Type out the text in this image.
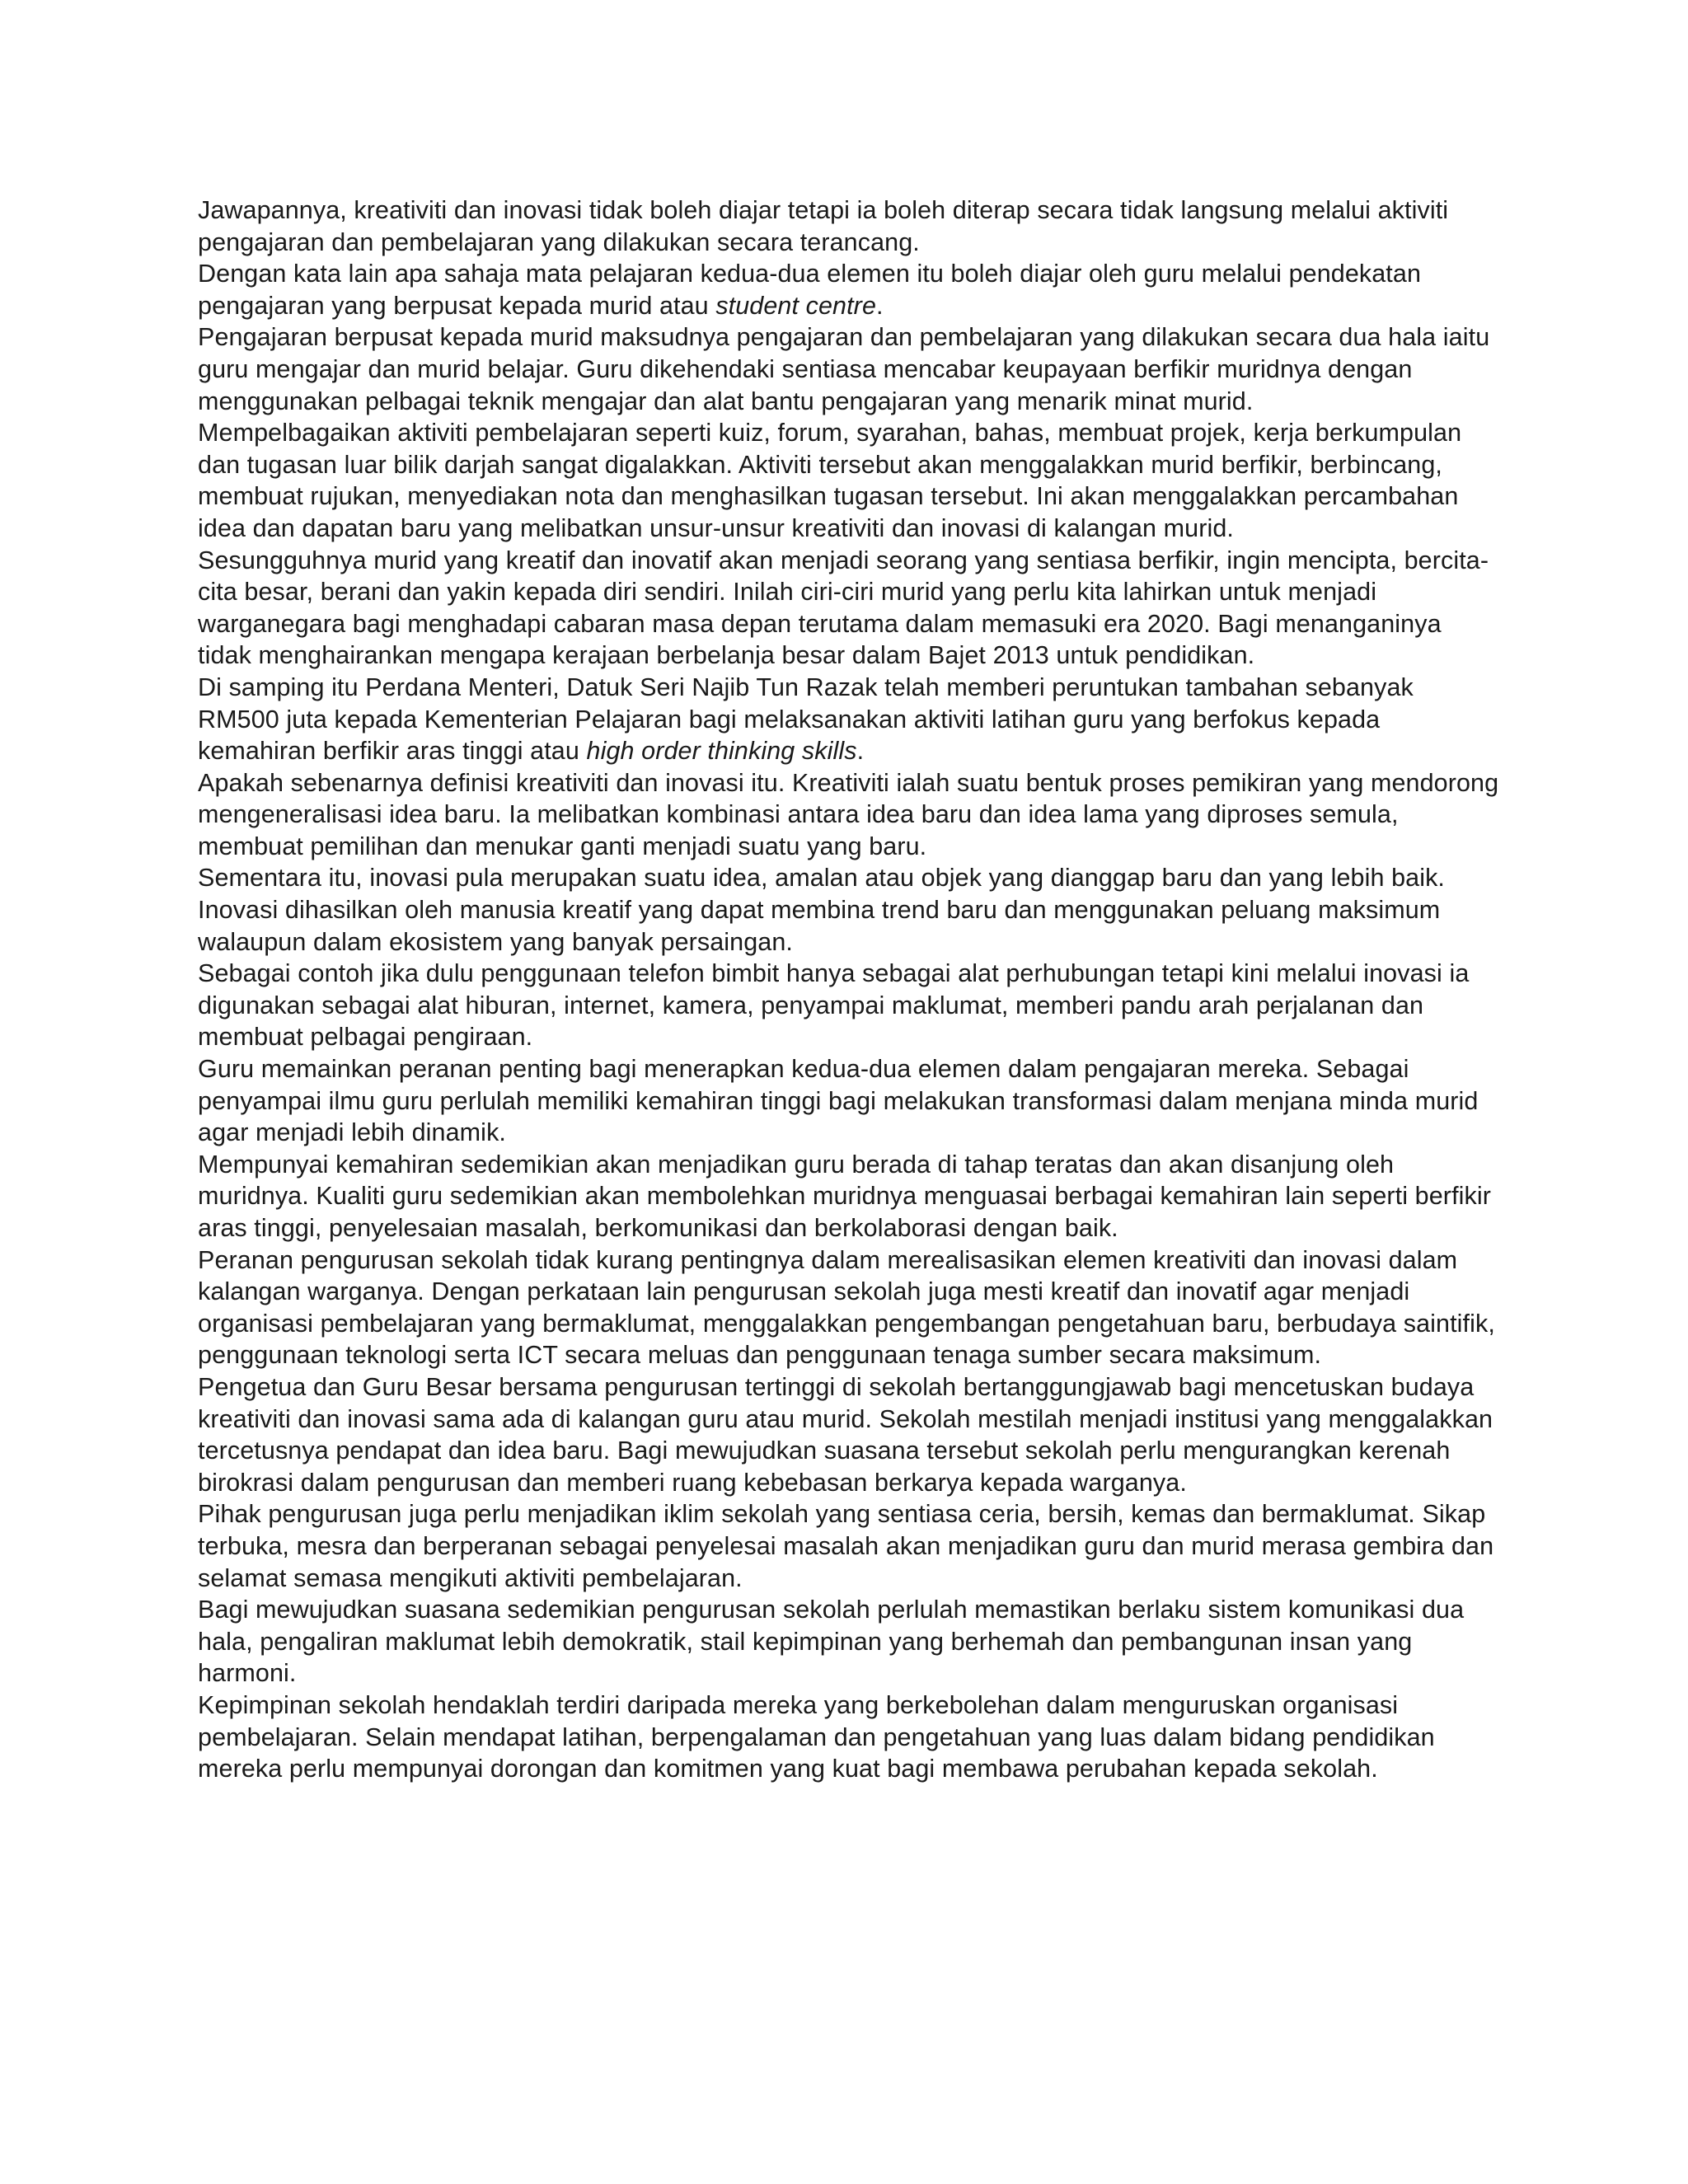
Jawapannya, kreativiti dan inovasi tidak boleh diajar tetapi ia boleh diterap secara tidak langsung melalui aktiviti pengajaran dan pembelajaran yang dilakukan secara terancang.

Dengan kata lain apa sahaja mata pelajaran kedua-dua elemen itu boleh diajar oleh guru melalui pendekatan pengajaran yang berpusat kepada murid atau student centre.

Pengajaran berpusat kepada murid maksudnya pengajaran dan pembelajaran yang dilakukan secara dua hala iaitu guru mengajar dan murid belajar. Guru dikehendaki sentiasa mencabar keupayaan berfikir muridnya dengan menggunakan pelbagai teknik mengajar dan alat bantu pengajaran yang menarik minat murid.

Mempelbagaikan aktiviti pembelajaran seperti kuiz, forum, syarahan, bahas, membuat projek, kerja berkumpulan dan tugasan luar bilik darjah sangat digalakkan. Aktiviti tersebut akan menggalakkan murid berfikir, berbincang, membuat rujukan, menyediakan nota dan menghasilkan tugasan tersebut. Ini akan menggalakkan percambahan idea dan dapatan baru yang melibatkan unsur-unsur kreativiti dan inovasi di kalangan murid.

Sesungguhnya murid yang kreatif dan inovatif akan menjadi seorang yang sentiasa berfikir, ingin mencipta, bercita-cita besar, berani dan yakin kepada diri sendiri. Inilah ciri-ciri murid yang perlu kita lahirkan untuk menjadi warganegara bagi menghadapi cabaran masa depan terutama dalam memasuki era 2020. Bagi menanganinya tidak menghairankan mengapa kerajaan berbelanja besar dalam Bajet 2013 untuk pendidikan.

Di samping itu Perdana Menteri, Datuk Seri Najib Tun Razak telah memberi peruntukan tambahan sebanyak RM500 juta kepada Kementerian Pelajaran bagi melaksanakan aktiviti latihan guru yang berfokus kepada kemahiran berfikir aras tinggi atau high order thinking skills.

Apakah sebenarnya definisi kreativiti dan inovasi itu. Kreativiti ialah suatu bentuk proses pemikiran yang mendorong mengeneralisasi idea baru. Ia melibatkan kombinasi antara idea baru dan idea lama yang diproses semula, membuat pemilihan dan menukar ganti menjadi suatu yang baru.

Sementara itu, inovasi pula merupakan suatu idea, amalan atau objek yang dianggap baru dan yang lebih baik. Inovasi dihasilkan oleh manusia kreatif yang dapat membina trend baru dan menggunakan peluang maksimum walaupun dalam ekosistem yang banyak persaingan.

Sebagai contoh jika dulu penggunaan telefon bimbit hanya sebagai alat perhubungan tetapi kini melalui inovasi ia digunakan sebagai alat hiburan, internet, kamera, penyampai maklumat, memberi pandu arah perjalanan dan membuat pelbagai pengiraan.

Guru memainkan peranan penting bagi menerapkan kedua-dua elemen dalam pengajaran mereka. Sebagai penyampai ilmu guru perlulah memiliki kemahiran tinggi bagi melakukan transformasi dalam menjana minda murid agar menjadi lebih dinamik.

Mempunyai kemahiran sedemikian akan menjadikan guru berada di tahap teratas dan akan disanjung oleh muridnya. Kualiti guru sedemikian akan membolehkan muridnya menguasai berbagai kemahiran lain seperti berfikir aras tinggi, penyelesaian masalah, berkomunikasi dan berkolaborasi dengan baik.

Peranan pengurusan sekolah tidak kurang pentingnya dalam merealisasikan elemen kreativiti dan inovasi dalam kalangan warganya. Dengan perkataan lain pengurusan sekolah juga mesti kreatif dan inovatif agar menjadi organisasi pembelajaran yang bermaklumat, menggalakkan pengembangan pengetahuan baru, berbudaya saintifik, penggunaan teknologi serta ICT secara meluas dan penggunaan tenaga sumber secara maksimum.

Pengetua dan Guru Besar bersama pengurusan tertinggi di sekolah bertanggungjawab bagi mencetuskan budaya kreativiti dan inovasi sama ada di kalangan guru atau murid. Sekolah mestilah menjadi institusi yang menggalakkan tercetusnya pendapat dan idea baru. Bagi mewujudkan suasana tersebut sekolah perlu mengurangkan kerenah birokrasi dalam pengurusan dan memberi ruang kebebasan berkarya kepada warganya.

Pihak pengurusan juga perlu menjadikan iklim sekolah yang sentiasa ceria, bersih, kemas dan bermaklumat. Sikap terbuka, mesra dan berperanan sebagai penyelesai masalah akan menjadikan guru dan murid merasa gembira dan selamat semasa mengikuti aktiviti pembelajaran.

Bagi mewujudkan suasana sedemikian pengurusan sekolah perlulah memastikan berlaku sistem komunikasi dua hala, pengaliran maklumat lebih demokratik, stail kepimpinan yang berhemah dan pembangunan insan yang harmoni.

Kepimpinan sekolah hendaklah terdiri daripada mereka yang berkebolehan dalam menguruskan organisasi pembelajaran. Selain mendapat latihan, berpengalaman dan pengetahuan yang luas dalam bidang pendidikan mereka perlu mempunyai dorongan dan komitmen yang kuat bagi membawa perubahan kepada sekolah.
